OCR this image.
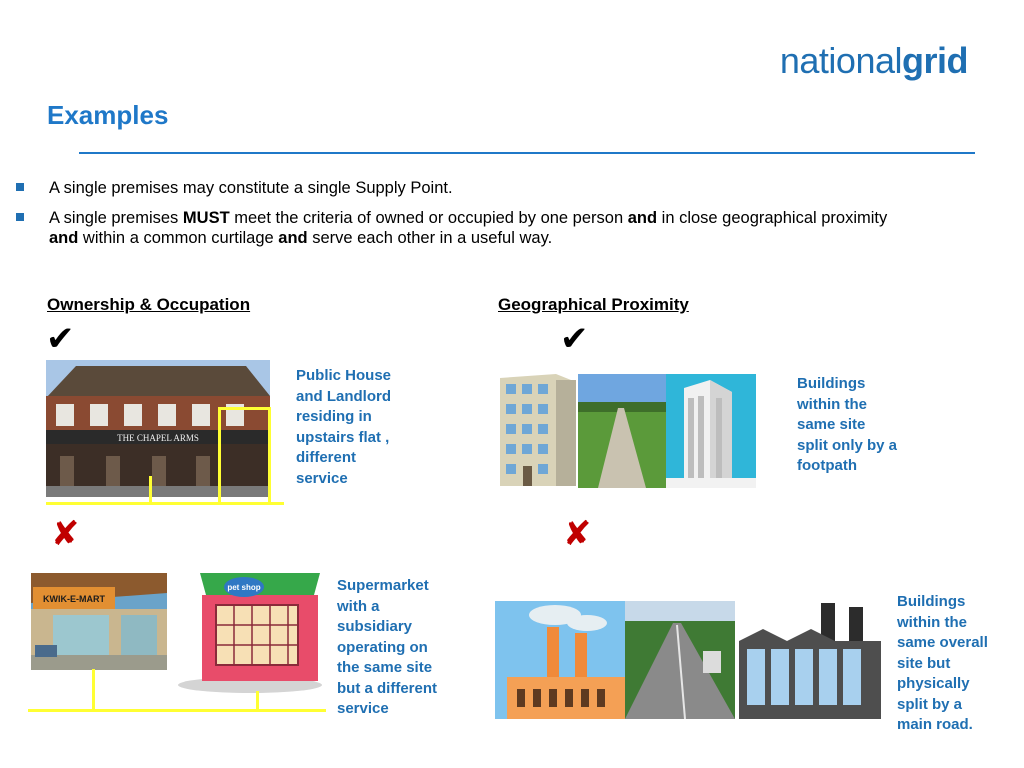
nationalgrid
Examples
A single premises may constitute a single Supply Point.
A single premises MUST meet the criteria of owned or occupied by one person and in close geographical proximity and within a common curtilage and serve each other in a useful way.
Ownership & Occupation	Geographical Proximity
✔	✔
✘	✘
THE CHAPEL ARMS
Public House
and Landlord
residing in
upstairs flat ,
different
service
Buildings
within the
same site
split only by a
footpath
KWIK-E-MART
pet shop	Supermarket
with a
subsidiary
operating on
the same site
but a different
service
Buildings
within the
same overall
site but
physically
split by a
main road.
